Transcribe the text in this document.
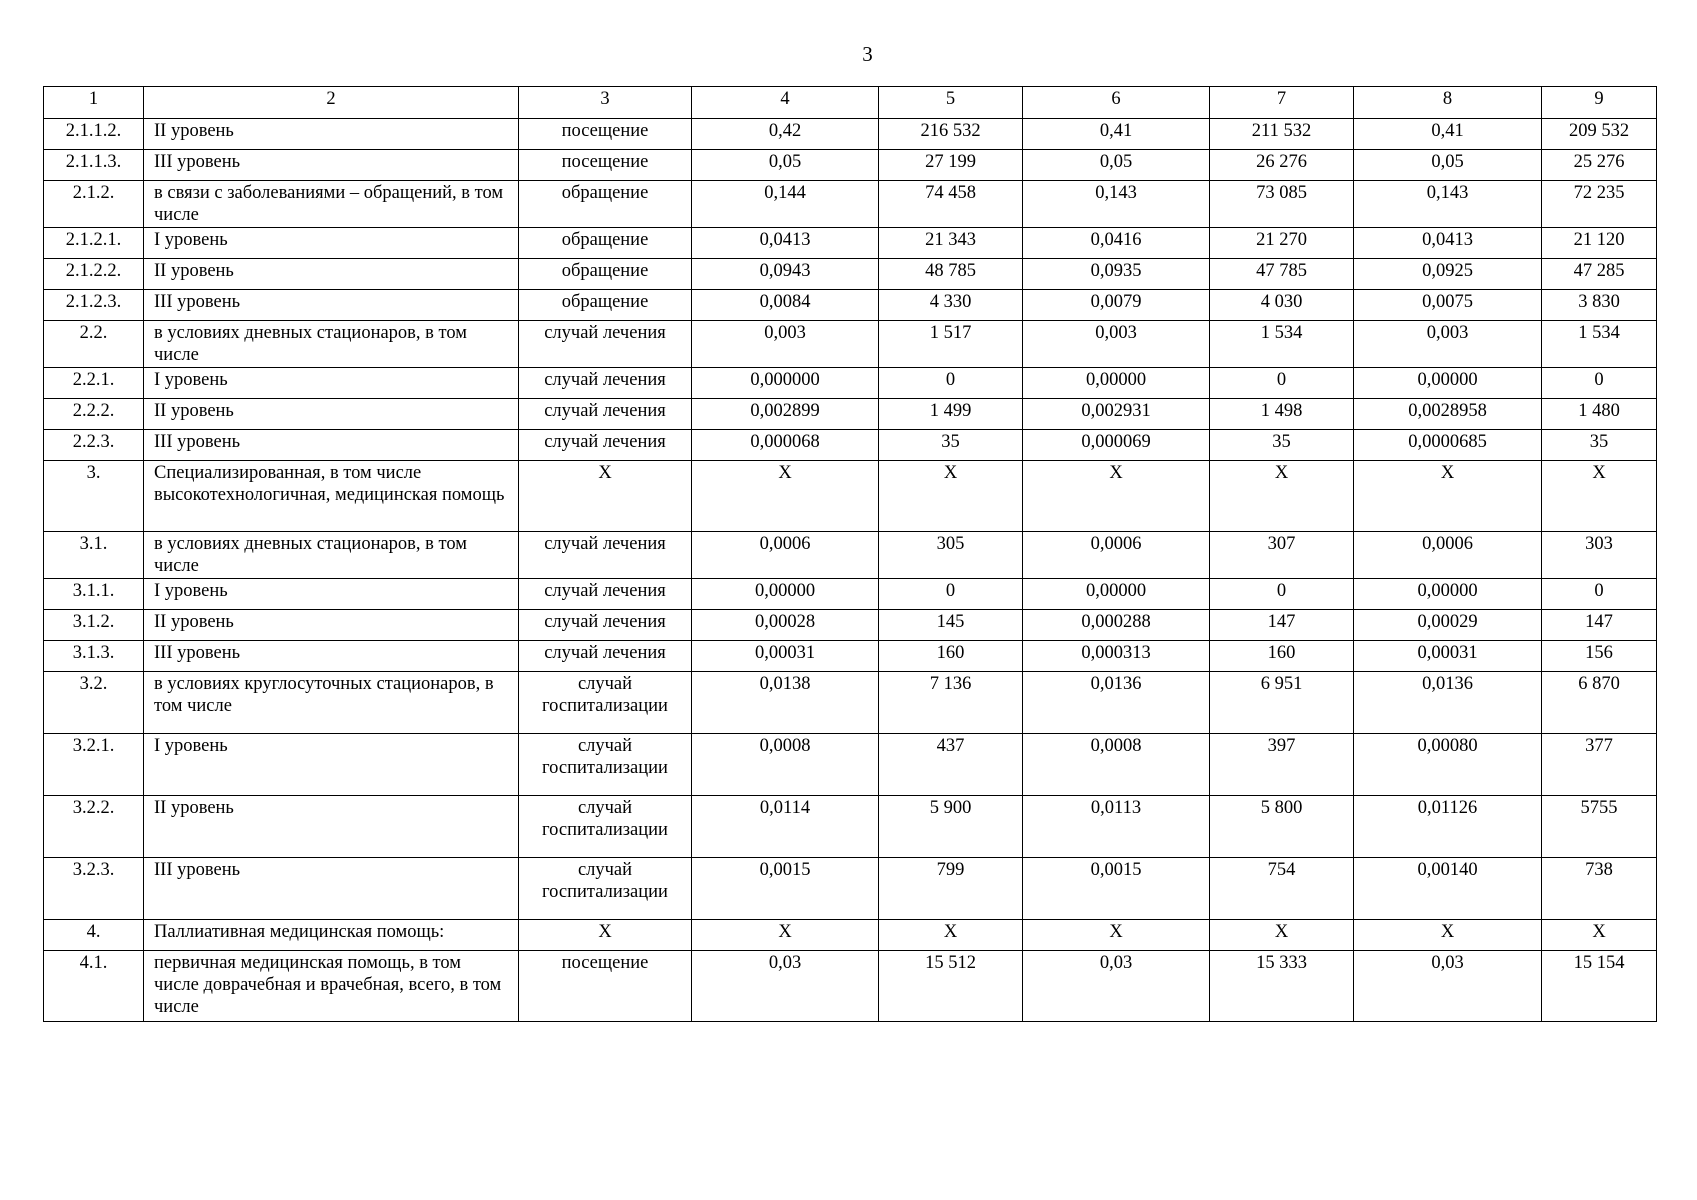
3
1	2	3	4	5	6	7	8	9
2.1.1.2.	II уровень	посещение	0,42	216 532	0,41	211 532	0,41	209 532
2.1.1.3.	III уровень	посещение	0,05	27 199	0,05	26 276	0,05	25 276
2.1.2.	в связи с заболеваниями – обращений, в том числе	обращение	0,144	74 458	0,143	73 085	0,143	72 235
2.1.2.1.	I уровень	обращение	0,0413	21 343	0,0416	21 270	0,0413	21 120
2.1.2.2.	II уровень	обращение	0,0943	48 785	0,0935	47 785	0,0925	47 285
2.1.2.3.	III уровень	обращение	0,0084	4 330	0,0079	4 030	0,0075	3 830
2.2.	в условиях дневных стационаров, в том числе	случай лечения	0,003	1 517	0,003	1 534	0,003	1 534
2.2.1.	I уровень	случай лечения	0,000000	0	0,00000	0	0,00000	0
2.2.2.	II уровень	случай лечения	0,002899	1 499	0,002931	1 498	0,0028958	1 480
2.2.3.	III уровень	случай лечения	0,000068	35	0,000069	35	0,0000685	35
3.	Специализированная, в том числе высокотехнологичная, медицинская помощь	Х	Х	Х	Х	Х	Х	Х
3.1.	в условиях дневных стационаров, в том числе	случай лечения	0,0006	305	0,0006	307	0,0006	303
3.1.1.	I уровень	случай лечения	0,00000	0	0,00000	0	0,00000	0
3.1.2.	II уровень	случай лечения	0,00028	145	0,000288	147	0,00029	147
3.1.3.	III уровень	случай лечения	0,00031	160	0,000313	160	0,00031	156
3.2.	в условиях круглосуточных стационаров, в том числе	случай госпитализации	0,0138	7 136	0,0136	6 951	0,0136	6 870
3.2.1.	I уровень	случай госпитализации	0,0008	437	0,0008	397	0,00080	377
3.2.2.	II уровень	случай госпитализации	0,0114	5 900	0,0113	5 800	0,01126	5755
3.2.3.	III уровень	случай госпитализации	0,0015	799	0,0015	754	0,00140	738
4.	Паллиативная медицинская помощь:	Х	Х	Х	Х	Х	Х	Х
4.1.	первичная медицинская помощь, в том числе доврачебная и врачебная, всего, в том числе	посещение	0,03	15 512	0,03	15 333	0,03	15 154
